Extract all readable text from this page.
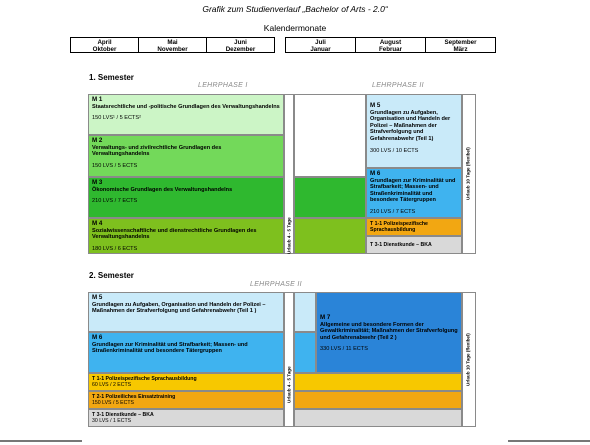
Grafik zum Studienverlauf „Bachelor of Arts - 2.0“
Kalendermonate
April
Oktober
Mai
November
Juni
Dezember
Juli
Januar
August
Februar
September
März
1. Semester
LEHRPHASE I	LEHRPHASE II
M 1
Staatsrechtliche und -politische Grundlagen des Verwaltungshandelns
150 LVS¹ / 5 ECTS²
M 2
Verwaltungs- und zivilrechtliche Grundlagen des Verwaltungshandelns
150 LVS / 5 ECTS
M 3
Ökonomische Grundlagen des Verwaltungshandelns
210 LVS / 7 ECTS
M 4
Sozialwissenschaftliche und dienstrechtliche Grundlagen des Verwaltungshandelns
180 LVS / 6 ECTS	Urlaub 4 - 5 Tage
M 5
Grundlagen zu Aufgaben, Organisation und Handeln der Polizei – Maßnahmen der Strafverfolgung und Gefahrenabwehr (Teil 1)
300 LVS / 10 ECTS
M 6
Grundlagen zur Kriminalität und Strafbarkeit; Massen- und Straßenkriminalität und besondere Tätergruppen
210 LVS / 7 ECTS
T 1-1 Polizeispezifische Sprachausbildung
T 3-1 Dienstkunde – BKA
Urlaub 10 Tage (flexibel)
2. Semester
LEHRPHASE II
M 5
Grundlagen zu Aufgaben, Organisation und Handeln der Polizei – Maßnahmen der Strafverfolgung und Gefahrenabwehr (Teil 1 )
M 6
Grundlagen zur Kriminalität und Strafbarkeit; Massen- und Straßenkriminalität und besondere Tätergruppen
M 7
Allgemeine und besondere Formen der Gewaltkriminalität; Maßnahmen der Strafverfolgung und Gefahrenabwehr (Teil 2 )
330 LVS / 11 ECTS
T 1-1 Polizeispezifische Sprachausbildung
60 LVS / 2 ECTS
T 2-1 Polizeiliches Einsatztraining
150 LVS / 5 ECTS
T 3-1 Dienstkunde – BKA
30 LVS / 1 ECTS
Urlaub 4 - 5 Tage	Urlaub 10 Tage (flexibel)
